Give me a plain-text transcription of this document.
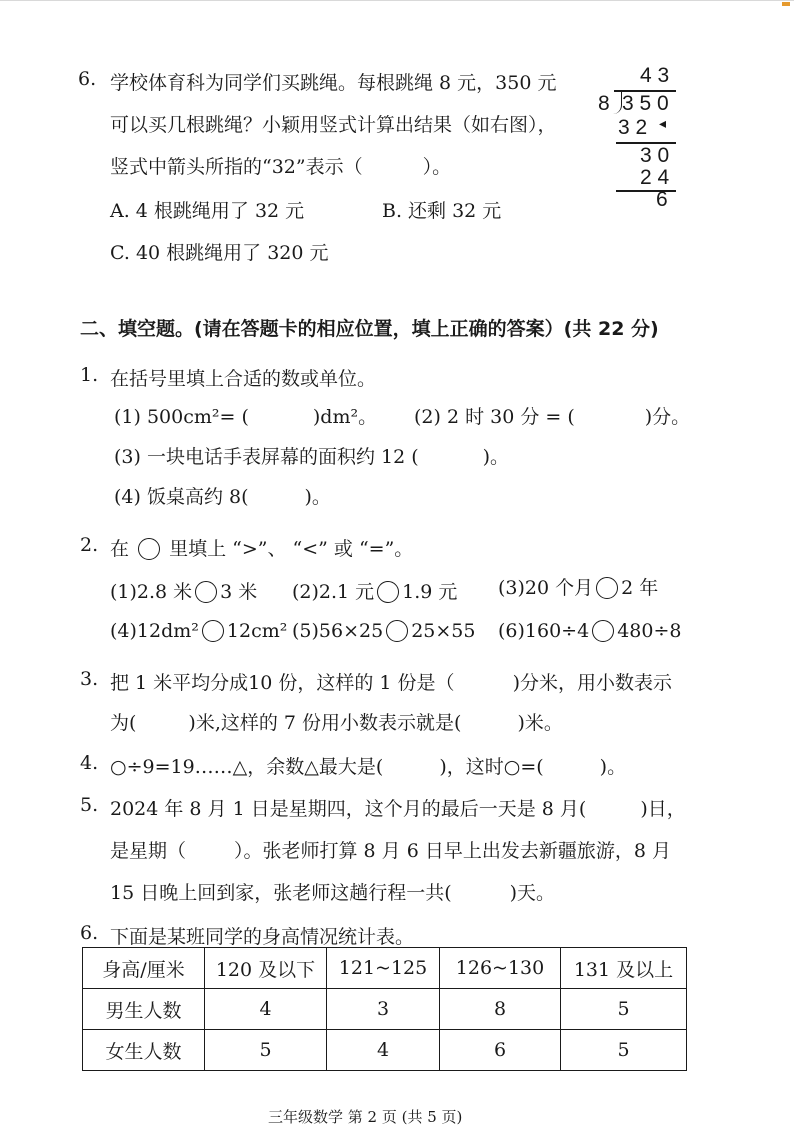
6. 学校体育科为同学们买跳绳。每根跳绳 8 元，350 元
可以买几根跳绳？小颖用竖式计算出结果（如右图），
竖式中箭头所指的“32”表示（	）。
A. 4 根跳绳用了 32 元	B. 还剩 32 元
C. 40 根跳绳用了 320 元
4 3
8 3 5 0
3 2 ◂
3 0
2 4
6
二、填空题。(请在答题卡的相应位置，填上正确的答案）(共 22 分)
1. 在括号里填上合适的数或单位。
(1) 500cm²= (	)dm²。 (2) 2 时 30 分 = (	)分。
(3) 一块电话手表屏幕的面积约 12 (	)。
(4) 饭桌高约 8(	)。
2. 在 里填上 “>”、 “<” 或 “=”。
(1)2.8 米 3 米 (2)2.1 元 1.9 元 (3)20 个月 2 年
(4)12dm² 12cm² (5)56×25 25×55 (6)160÷4 480÷8
3. 把 1 米平均分成10 份，这样的 1 份是（	)分米，用小数表示
为(	)米,这样的 7 份用小数表示就是(	)米。
4. ○÷9=19……△，余数△最大是(	)，这时○=(	)。
5. 2024 年 8 月 1 日是星期四，这个月的最后一天是 8 月(	)日，
是星期（	）。张老师打算 8 月 6 日早上出发去新疆旅游，8 月
15 日晚上回到家，张老师这趟行程一共(	)天。
6. 下面是某班同学的身高情况统计表。
身高/厘米	120 及以下	121~125	126~130	131 及以上
男生人数	4	3	8	5
女生人数	5	4	6	5
三年级数学 第 2 页 (共 5 页)
